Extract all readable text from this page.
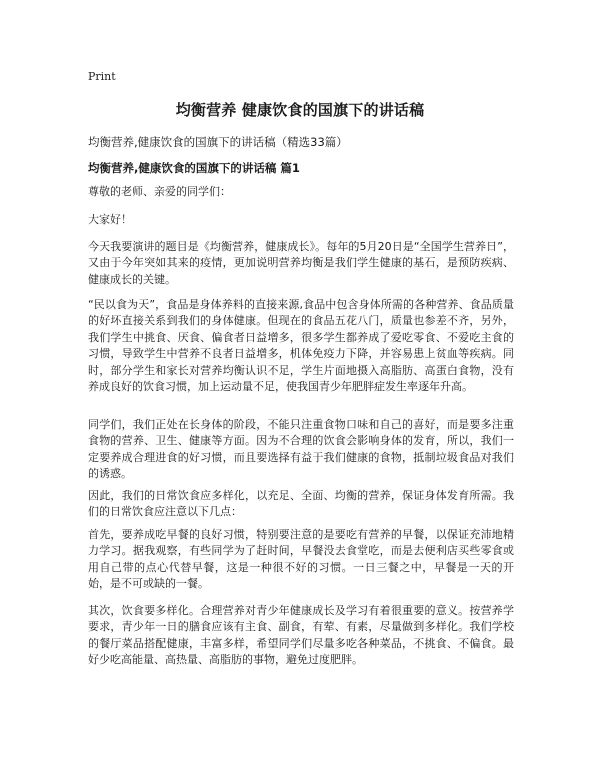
Print
均衡营养 健康饮食的国旗下的讲话稿
均衡营养,健康饮食的国旗下的讲话稿（精选33篇）
均衡营养,健康饮食的国旗下的讲话稿 篇1

尊敬的老师、亲爱的同学们：

大家好！

今天我要演讲的题目是《均衡营养，健康成长》。每年的5月20日是“全国学生营养日”，又由于今年突如其来的疫情，更加说明营养均衡是我们学生健康的基石，是预防疾病、健康成长的关键。

“民以食为天”，食品是身体养料的直接来源,食品中包含身体所需的各种营养、食品质量的好坏直接关系到我们的身体健康。但现在的食品五花八门，质量也参差不齐，另外，我们学生中挑食、厌食、偏食者日益增多，很多学生都养成了爱吃零食、不爱吃主食的习惯，导致学生中营养不良者日益增多，机体免疫力下降，并容易患上贫血等疾病。同时，部分学生和家长对营养均衡认识不足，学生片面地摄入高脂肪、高蛋白食物，没有养成良好的饮食习惯，加上运动量不足，使我国青少年肥胖症发生率逐年升高。

同学们，我们正处在长身体的阶段，不能只注重食物口味和自己的喜好，而是要多注重食物的营养、卫生、健康等方面。因为不合理的饮食会影响身体的发育，所以，我们一定要养成合理进食的好习惯，而且要选择有益于我们健康的食物，抵制垃圾食品对我们的诱惑。

因此，我们的日常饮食应多样化，以充足、全面、均衡的营养，保证身体发育所需。我们的日常饮食应注意以下几点：

首先，要养成吃早餐的良好习惯，特别要注意的是要吃有营养的早餐，以保证充沛地精力学习。据我观察，有些同学为了赶时间，早餐没去食堂吃，而是去便利店买些零食或用自己带的点心代替早餐，这是一种很不好的习惯。一日三餐之中，早餐是一天的开始，是不可或缺的一餐。

其次，饮食要多样化。合理营养对青少年健康成长及学习有着很重要的意义。按营养学要求，青少年一日的膳食应该有主食、副食，有荤、有素，尽量做到多样化。我们学校的餐厅菜品搭配健康，丰富多样，希望同学们尽量多吃各种菜品，不挑食、不偏食。最好少吃高能量、高热量、高脂肪的事物，避免过度肥胖。
